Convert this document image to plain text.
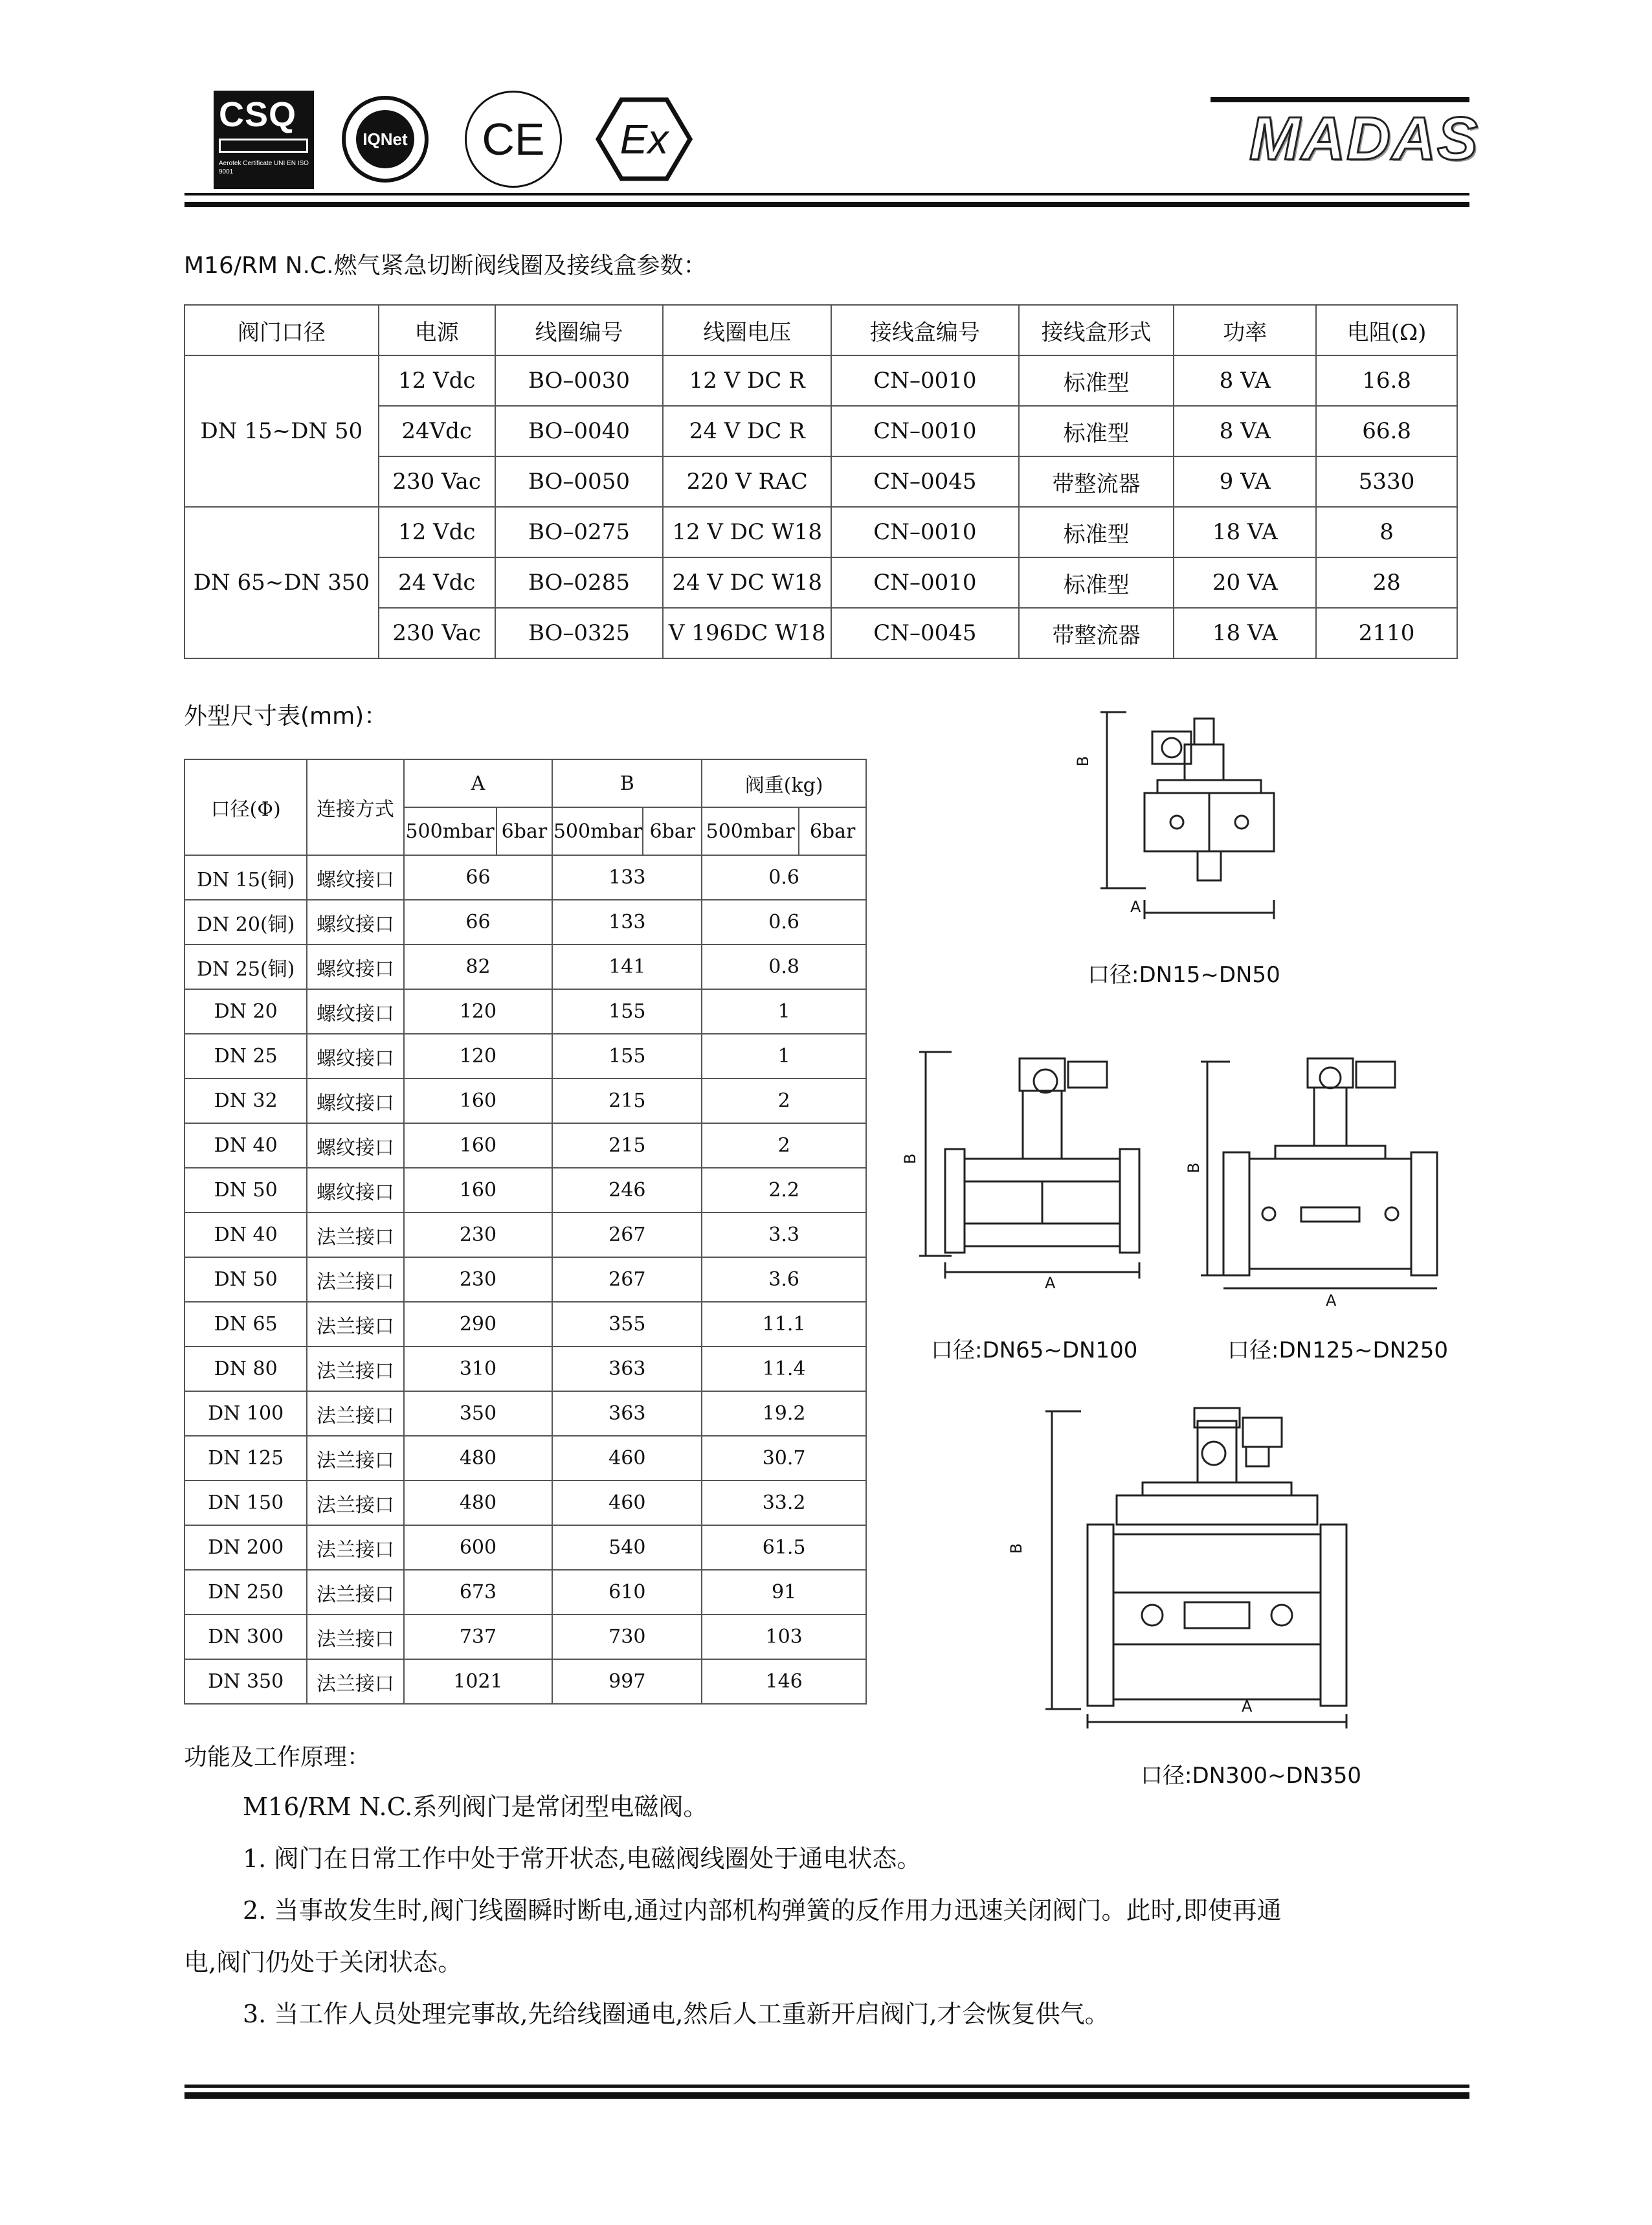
CSQ
Aerotek Certificate UNI EN ISO 9001
IQNet	CE	Ex	MADAS
M16/RM N.C.燃气紧急切断阀线圈及接线盒参数：
阀门口径	电源	线圈编号	线圈电压	接线盒编号	接线盒形式	功率	电阻(Ω)
DN 15~DN 50	12 Vdc	BO–0030	12 V DC R	CN–0010	标准型	8 VA	16.8
	24Vdc	BO–0040	24 V DC R	CN–0010	标准型	8 VA	66.8
	230 Vac	BO–0050	220 V RAC	CN–0045	带整流器	9 VA	5330
DN 65~DN 350	12 Vdc	BO–0275	12 V DC W18	CN–0010	标准型	18 VA	8
	24 Vdc	BO–0285	24 V DC W18	CN–0010	标准型	20 VA	28
	230 Vac	BO–0325	V 196DC W18	CN–0045	带整流器	18 VA	2110
外型尺寸表(mm)：
口径(Φ)	连接方式	A		B		阀重(kg)	
		500mbar	6bar	500mbar	6bar	500mbar	6bar
DN 15(铜)	螺纹接口	66		133		0.6	
DN 20(铜)	螺纹接口	66		133		0.6	
DN 25(铜)	螺纹接口	82		141		0.8	
DN 20	螺纹接口	120		155		1	
DN 25	螺纹接口	120		155		1	
DN 32	螺纹接口	160		215		2	
DN 40	螺纹接口	160		215		2	
DN 50	螺纹接口	160		246		2.2	
DN 40	法兰接口	230		267		3.3	
DN 50	法兰接口	230		267		3.6	
DN 65	法兰接口	290		355		11.1	
DN 80	法兰接口	310		363		11.4	
DN 100	法兰接口	350		363		19.2	
DN 125	法兰接口	480		460		30.7	
DN 150	法兰接口	480		460		33.2	
DN 200	法兰接口	600		540		61.5	
DN 250	法兰接口	673		610		91	
DN 300	法兰接口	737		730		103	
DN 350	法兰接口	1021		997		146	
A
B
口径:DN15~DN50
A
B
口径:DN65~DN100
A
B
口径:DN125~DN250
A
B
口径:DN300~DN350
功能及工作原理：
M16/RM N.C.系列阀门是常闭型电磁阀。
1. 阀门在日常工作中处于常开状态,电磁阀线圈处于通电状态。
2. 当事故发生时,阀门线圈瞬时断电,通过内部机构弹簧的反作用力迅速关闭阀门。此时,即使再通
电,阀门仍处于关闭状态。
3. 当工作人员处理完事故,先给线圈通电,然后人工重新开启阀门,才会恢复供气。
